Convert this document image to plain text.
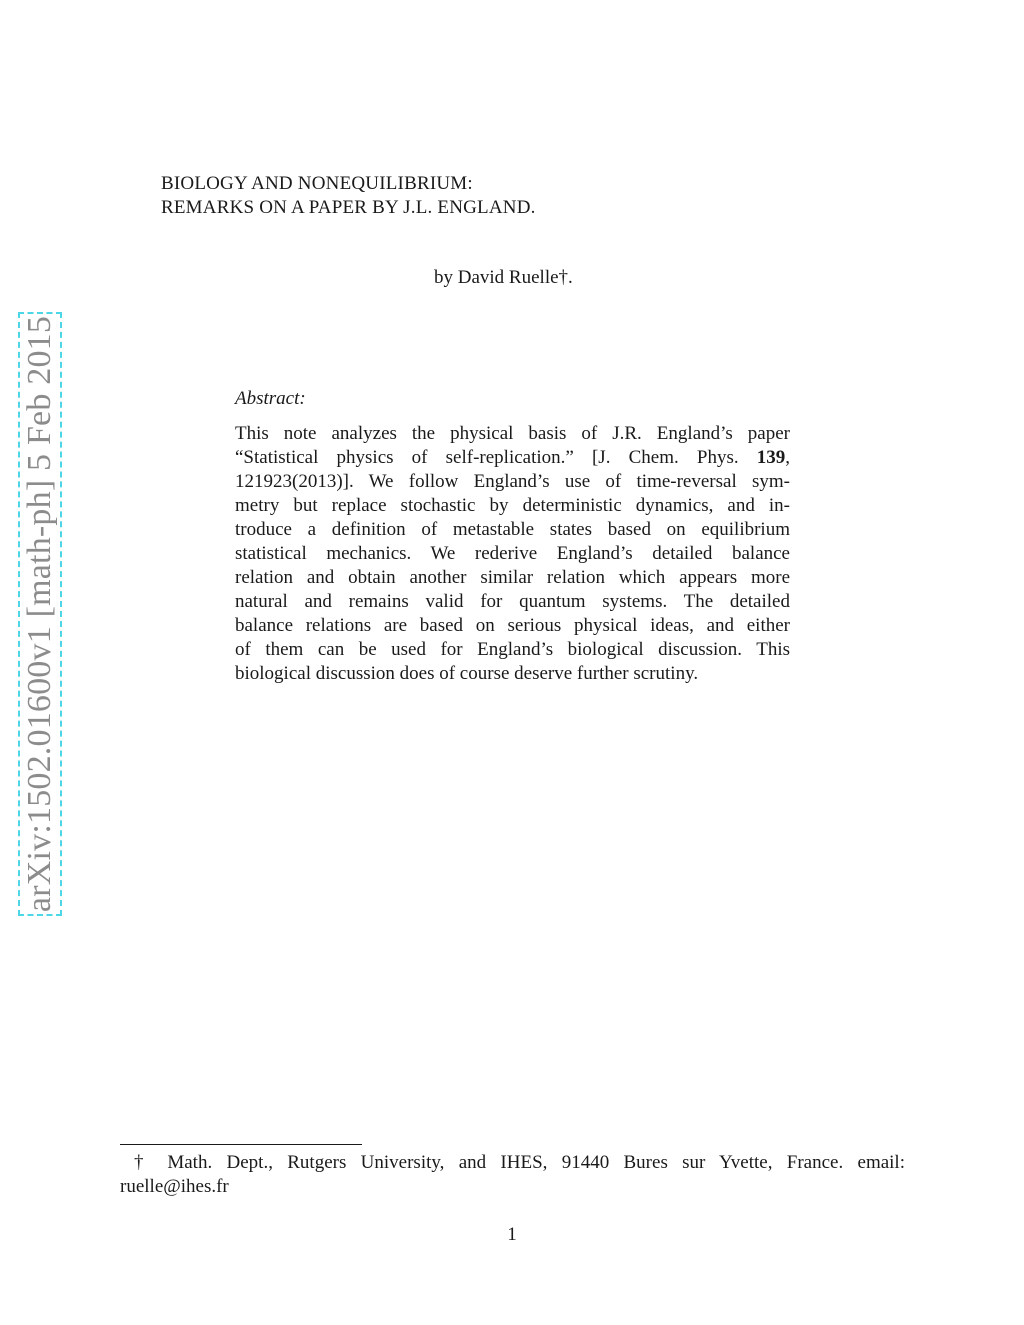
arXiv:1502.01600v1 [math-ph] 5 Feb 2015
BIOLOGY AND NONEQUILIBRIUM:
REMARKS ON A PAPER BY J.L. ENGLAND.
by David Ruelle†.
Abstract:
This note analyzes the physical basis of J.R. England’s paper
“Statistical physics of self-replication.” [J. Chem. Phys. 139,
121923(2013)]. We follow England’s use of time-reversal sym-
metry but replace stochastic by deterministic dynamics, and in-
troduce a definition of metastable states based on equilibrium
statistical mechanics. We rederive England’s detailed balance
relation and obtain another similar relation which appears more
natural and remains valid for quantum systems. The detailed
balance relations are based on serious physical ideas, and either
of them can be used for England’s biological discussion. This
biological discussion does of course deserve further scrutiny.
† Math. Dept., Rutgers University, and IHES, 91440 Bures sur Yvette, France. email:
ruelle@ihes.fr
1
